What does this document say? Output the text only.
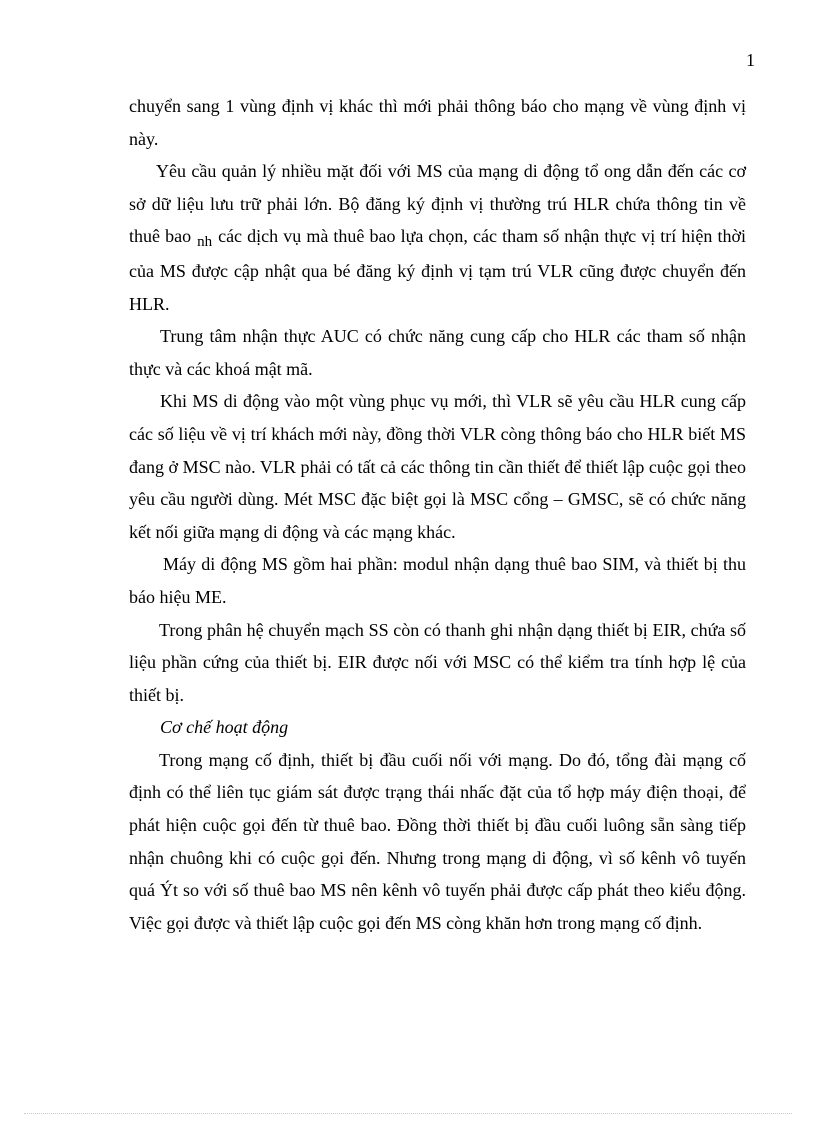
1

chuyển sang 1 vùng định vị khác thì mới phải thông báo cho mạng về vùng định vị này.

Yêu cầu quản lý nhiều mặt đối với MS của mạng di động tổ ong dẫn đến các cơ sở dữ liệu lưu trữ phải lớn. Bộ đăng ký định vị thường trú HLR chứa thông tin về thuê bao $_{nh}$ các dịch vụ mà thuê bao lựa chọn, các tham số nhận thực vị trí hiện thời của MS được cập nhật qua bé đăng ký định vị tạm trú VLR cũng được chuyển đến HLR.

Trung tâm nhận thực AUC có chức năng cung cấp cho HLR các tham số nhận thực và các khoá mật mã.

Khi MS di động vào một vùng phục vụ mới, thì VLR sẽ yêu cầu HLR cung cấp các số liệu về vị trí khách mới này, đồng thời VLR còng thông báo cho HLR biết MS đang ở MSC nào. VLR phải có tất cả các thông tin cần thiết để thiết lập cuộc gọi theo yêu cầu người dùng. Mét MSC đặc biệt gọi là MSC cổng – GMSC, sẽ có chức năng kết nối giữa mạng di động và các mạng khác.

Máy di động MS gồm hai phần: modul nhận dạng thuê bao SIM, và thiết bị thu báo hiệu ME.

Trong phân hệ chuyển mạch SS còn có thanh ghi nhận dạng thiết bị EIR, chứa số liệu phần cứng của thiết bị. EIR được nối với MSC có thể kiểm tra tính hợp lệ của thiết bị.

Cơ chế hoạt động

Trong mạng cố định, thiết bị đầu cuối nối với mạng. Do đó, tổng đài mạng cố định có thể liên tục giám sát được trạng thái nhấc đặt của tổ hợp máy điện thoại, để phát hiện cuộc gọi đến từ thuê bao. Đồng thời thiết bị đầu cuối luông sẵn sàng tiếp nhận chuông khi có cuộc gọi đến. Nhưng trong mạng di động, vì số kênh vô tuyến quá Ýt so với số thuê bao MS nên kênh vô tuyến phải được cấp phát theo kiểu động. Việc gọi được và thiết lập cuộc gọi đến MS còng khăn hơn trong mạng cố định.
